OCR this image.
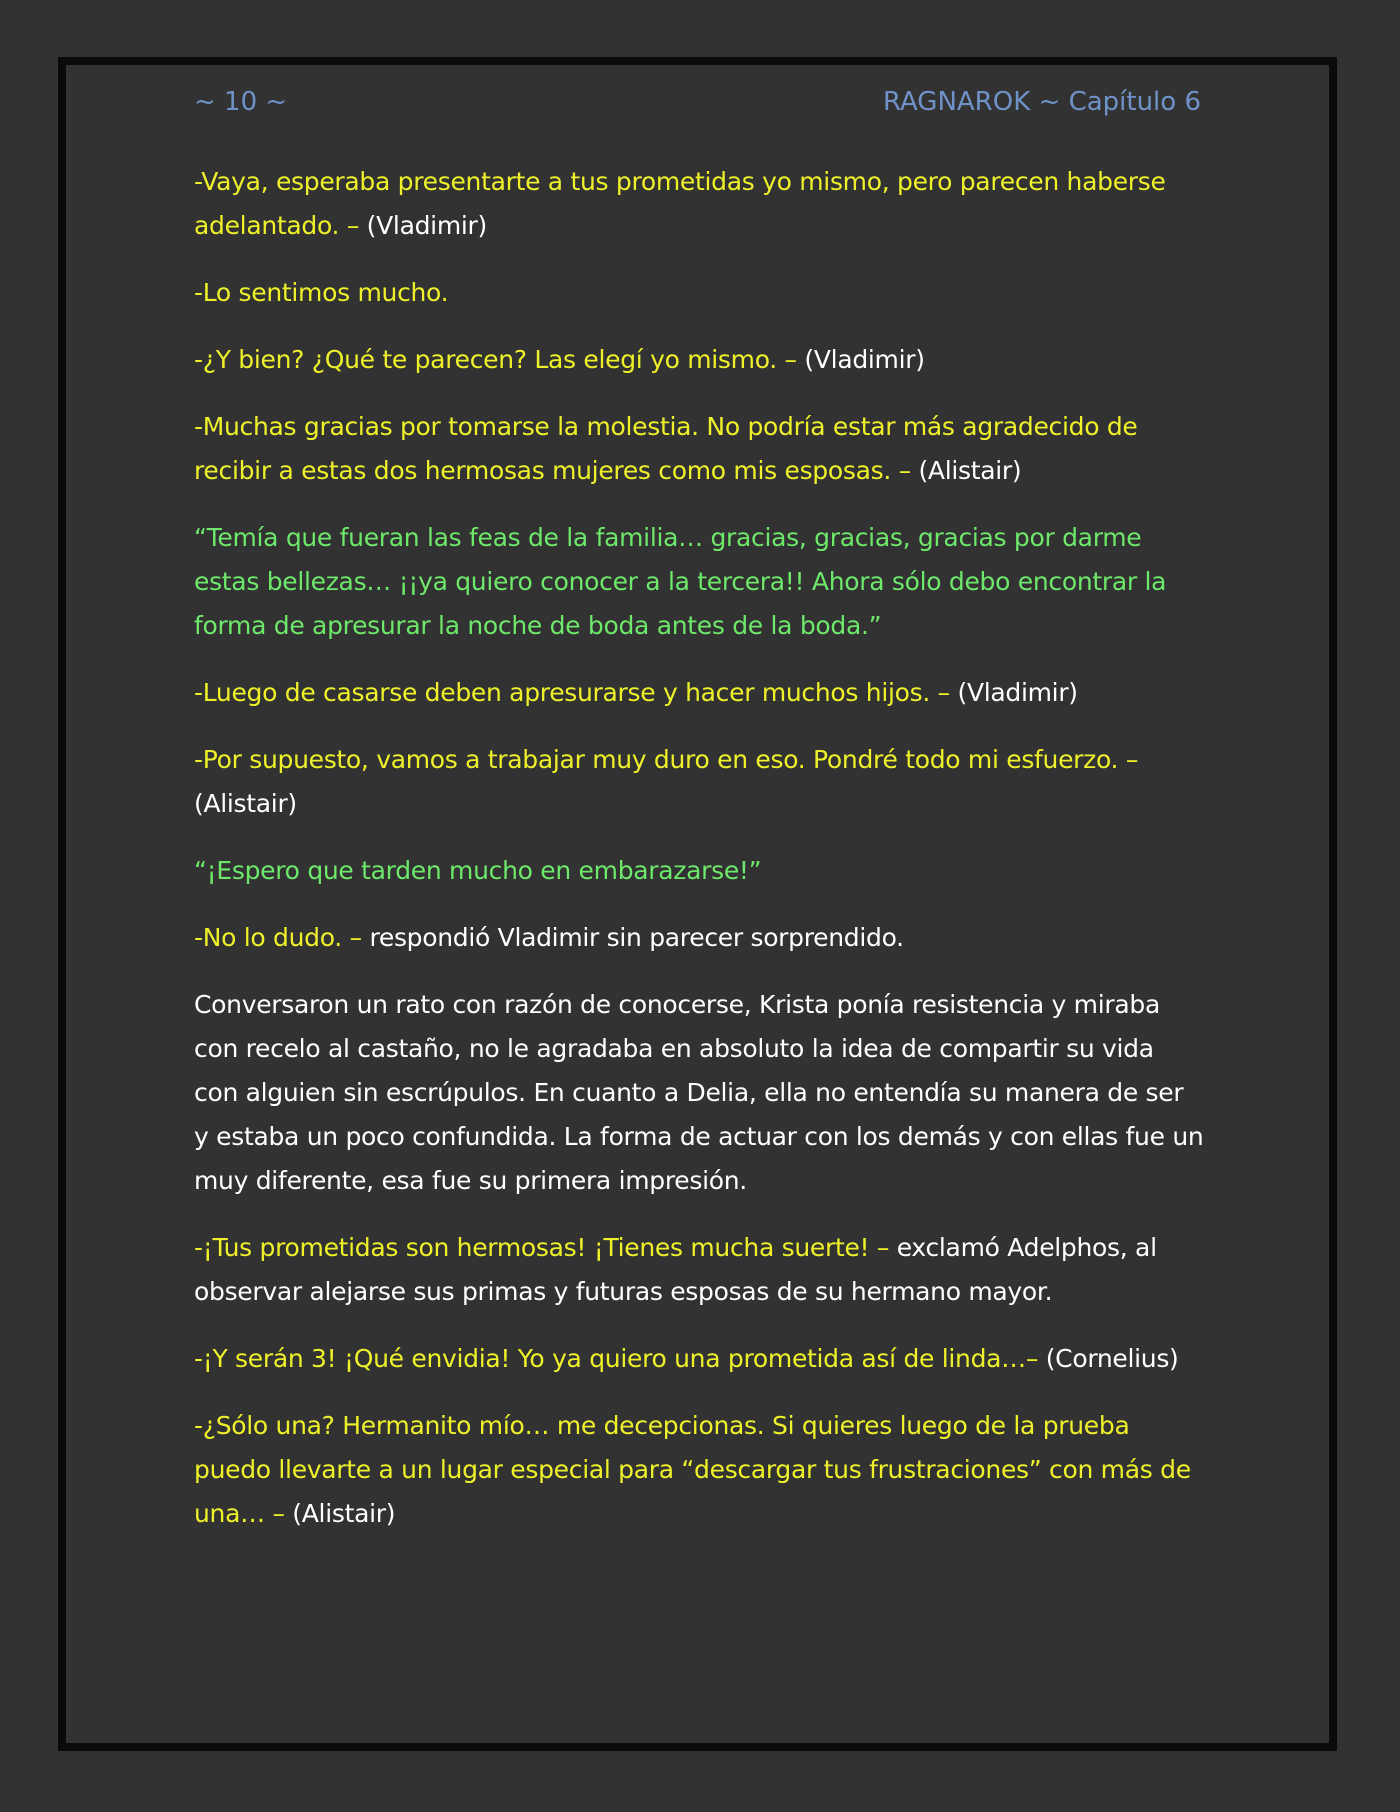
~ 10 ~	RAGNAROK ~ Capítulo 6

-Vaya, esperaba presentarte a tus prometidas yo mismo, pero parecen haberse adelantado. – (Vladimir)

-Lo sentimos mucho.

-¿Y bien? ¿Qué te parecen? Las elegí yo mismo. – (Vladimir)

-Muchas gracias por tomarse la molestia. No podría estar más agradecido de recibir a estas dos hermosas mujeres como mis esposas. – (Alistair)

“Temía que fueran las feas de la familia… gracias, gracias, gracias por darme estas bellezas… ¡¡ya quiero conocer a la tercera!! Ahora sólo debo encontrar la forma de apresurar la noche de boda antes de la boda.”

-Luego de casarse deben apresurarse y hacer muchos hijos. – (Vladimir)

-Por supuesto, vamos a trabajar muy duro en eso. Pondré todo mi esfuerzo. – (Alistair)

“¡Espero que tarden mucho en embarazarse!”

-No lo dudo. – respondió Vladimir sin parecer sorprendido.

Conversaron un rato con razón de conocerse, Krista ponía resistencia y miraba con recelo al castaño, no le agradaba en absoluto la idea de compartir su vida con alguien sin escrúpulos. En cuanto a Delia, ella no entendía su manera de ser y estaba un poco confundida. La forma de actuar con los demás y con ellas fue un muy diferente, esa fue su primera impresión.

-¡Tus prometidas son hermosas! ¡Tienes mucha suerte! – exclamó Adelphos, al observar alejarse sus primas y futuras esposas de su hermano mayor.

-¡Y serán 3! ¡Qué envidia! Yo ya quiero una prometida así de linda…– (Cornelius)

-¿Sólo una? Hermanito mío… me decepcionas. Si quieres luego de la prueba puedo llevarte a un lugar especial para “descargar tus frustraciones” con más de una… – (Alistair)
